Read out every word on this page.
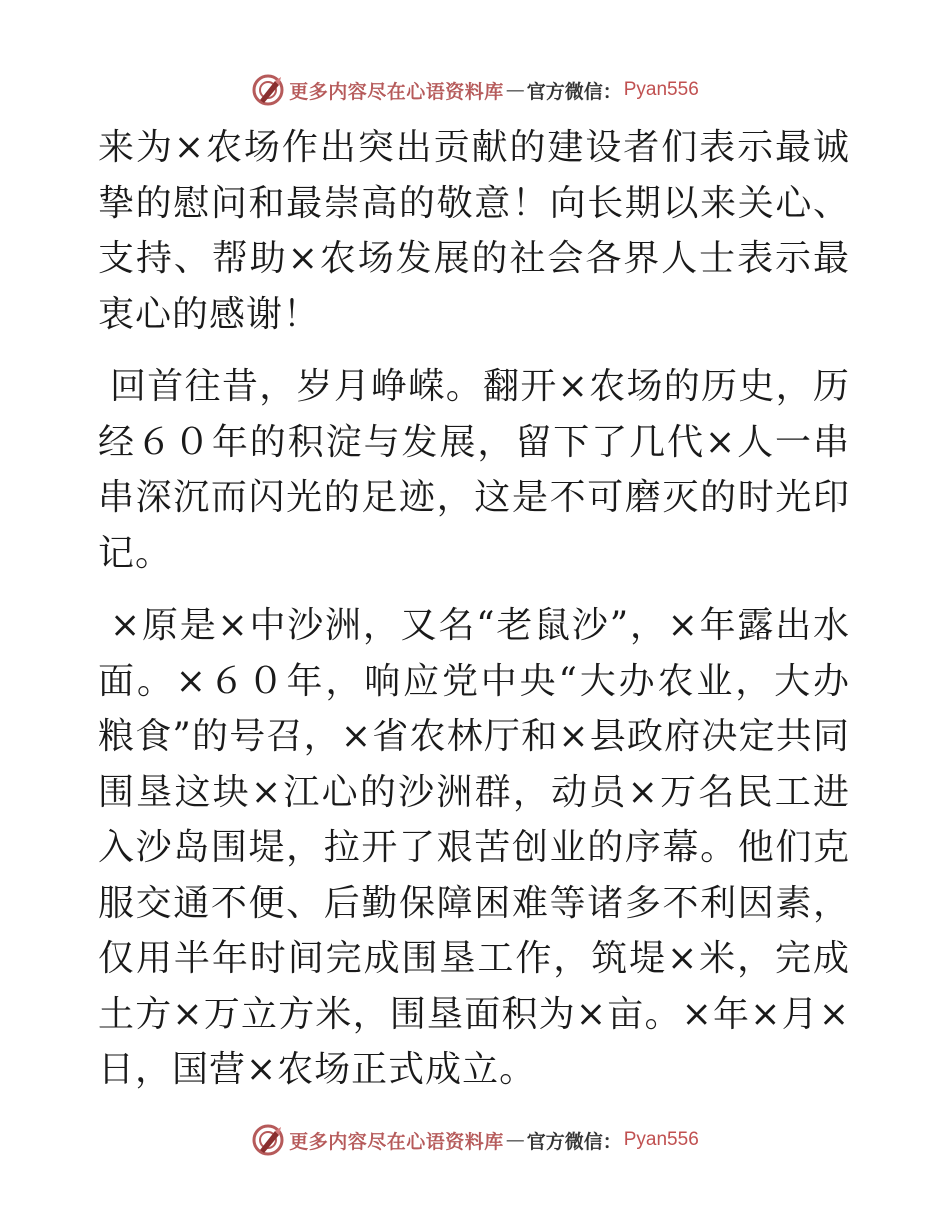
更多内容尽在心语资料库 — 官方微信： Pyan556

来为×农场作出突出贡献的建设者们表示最诚挚的慰问和最崇高的敬意！向长期以来关心、支持、帮助×农场发展的社会各界人士表示最衷心的感谢！

回首往昔，岁月峥嵘。翻开×农场的历史，历经６０年的积淀与发展，留下了几代×人一串串深沉而闪光的足迹，这是不可磨灭的时光印记。

×原是×中沙洲，又名“老鼠沙”，×年露出水面。×６０年，响应党中央“大办农业，大办粮食”的号召，×省农林厅和×县政府决定共同围垦这块×江心的沙洲群，动员×万名民工进入沙岛围堤，拉开了艰苦创业的序幕。他们克服交通不便、后勤保障困难等诸多不利因素，仅用半年时间完成围垦工作，筑堤×米，完成土方×万立方米，围垦面积为×亩。×年×月×日，国营×农场正式成立。

更多内容尽在心语资料库 — 官方微信： Pyan556
